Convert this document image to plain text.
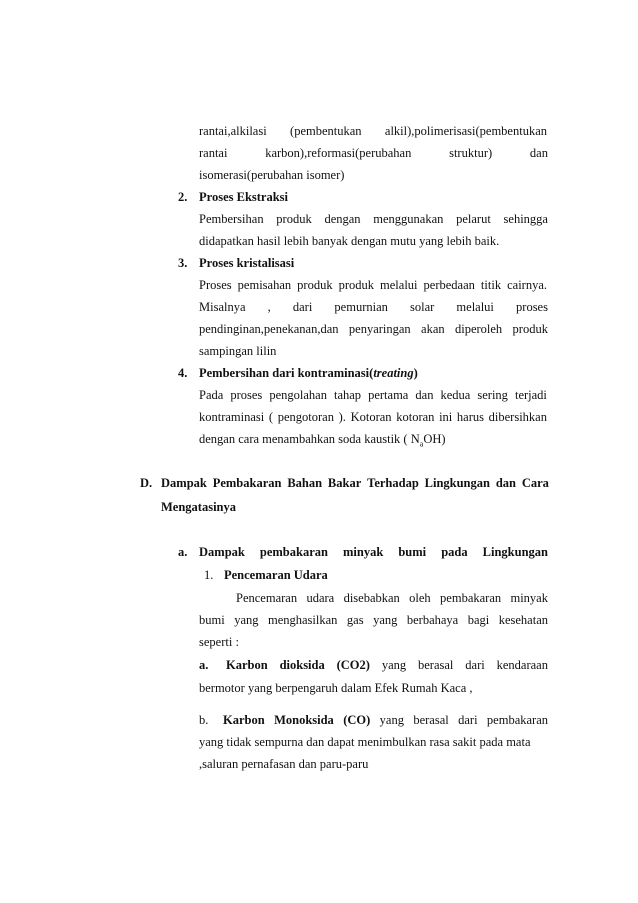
rantai,alkilasi (pembentukan alkil),polimerisasi(pembentukan
rantai	karbon),reformasi(perubahan	struktur)	dan
isomerasi(perubahan isomer)
2. Proses Ekstraksi
Pembersihan produk dengan menggunakan pelarut sehingga
didapatkan hasil lebih banyak dengan mutu yang lebih baik.
3. Proses kristalisasi
Proses pemisahan produk produk melalui perbedaan titik cairnya.
Misalnya , dari pemurnian solar melalui proses
pendinginan,penekanan,dan penyaringan akan diperoleh produk
sampingan lilin
4. Pembersihan dari kontraminasi(treating)
Pada proses pengolahan tahap pertama dan kedua sering terjadi
kontraminasi ( pengotoran ). Kotoran kotoran ini harus dibersihkan
dengan cara menambahkan soda kaustik ( $N_aOH$)
D. Dampak Pembakaran Bahan Bakar Terhadap Lingkungan dan Cara
Mengatasinya
a. Dampak pembakaran minyak bumi pada Lingkungan
1. Pencemaran Udara
Pencemaran udara disebabkan oleh pembakaran minyak
bumi yang menghasilkan gas yang berbahaya bagi kesehatan
seperti :
a. Karbon dioksida (CO2) yang berasal dari kendaraan
bermotor yang berpengaruh dalam Efek Rumah Kaca ,
b. Karbon Monoksida (CO) yang berasal dari pembakaran
yang tidak sempurna dan dapat menimbulkan rasa sakit pada mata
,saluran pernafasan dan paru-paru
